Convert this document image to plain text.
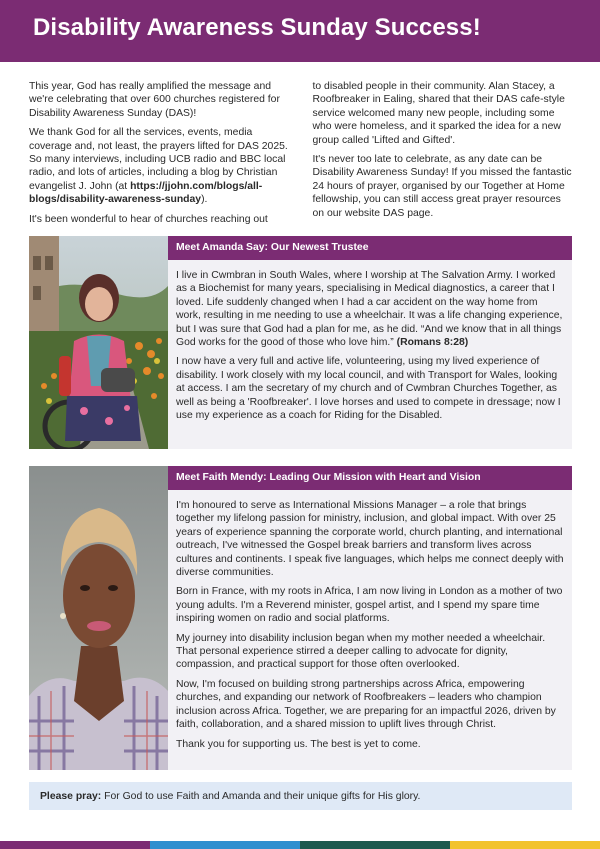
Disability Awareness Sunday Success!

This year, God has really amplified the message and we're celebrating that over 600 churches registered for Disability Awareness Sunday (DAS)!

We thank God for all the services, events, media coverage and, not least, the prayers lifted for DAS 2025. So many interviews, including UCB radio and BBC local radio, and lots of articles, including a blog by Christian evangelist J. John (at https://jjohn.com/blogs/all-blogs/disability-awareness-sunday).

It's been wonderful to hear of churches reaching out

to disabled people in their community. Alan Stacey, a Roofbreaker in Ealing, shared that their DAS cafe-style service welcomed many new people, including some who were homeless, and it sparked the idea for a new group called 'Lifted and Gifted'.

It's never too late to celebrate, as any date can be Disability Awareness Sunday! If you missed the fantastic 24 hours of prayer, organised by our Together at Home fellowship, you can still access great prayer resources on our website DAS page.

Meet Amanda Say: Our Newest Trustee

I live in Cwmbran in South Wales, where I worship at The Salvation Army. I worked as a Biochemist for many years, specialising in Medical diagnostics, a career that I loved. Life suddenly changed when I had a car accident on the way home from work, resulting in me needing to use a wheelchair. It was a life changing experience, but I was sure that God had a plan for me, as he did. “And we know that in all things God works for the good of those who love him.” (Romans 8:28)

I now have a very full and active life, volunteering, using my lived experience of disability. I work closely with my local council, and with Transport for Wales, looking at access. I am the secretary of my church and of Cwmbran Churches Together, as well as being a 'Roofbreaker'. I love horses and used to compete in dressage; now I use my experience as a coach for Riding for the Disabled.

Meet Faith Mendy: Leading Our Mission with Heart and Vision

I'm honoured to serve as International Missions Manager – a role that brings together my lifelong passion for ministry, inclusion, and global impact. With over 25 years of experience spanning the corporate world, church planting, and international outreach, I've witnessed the Gospel break barriers and transform lives across cultures and continents. I speak five languages, which helps me connect deeply with diverse communities.

Born in France, with my roots in Africa, I am now living in London as a mother of two young adults. I'm a Reverend minister, gospel artist, and I spend my spare time inspiring women on radio and social platforms.

My journey into disability inclusion began when my mother needed a wheelchair. That personal experience stirred a deeper calling to advocate for dignity, compassion, and practical support for those often overlooked.

Now, I'm focused on building strong partnerships across Africa, empowering churches, and expanding our network of Roofbreakers – leaders who champion inclusion across Africa. Together, we are preparing for an impactful 2026, driven by faith, collaboration, and a shared mission to uplift lives through Christ.

Thank you for supporting us. The best is yet to come.

Please pray: For God to use Faith and Amanda and their unique gifts for His glory.
